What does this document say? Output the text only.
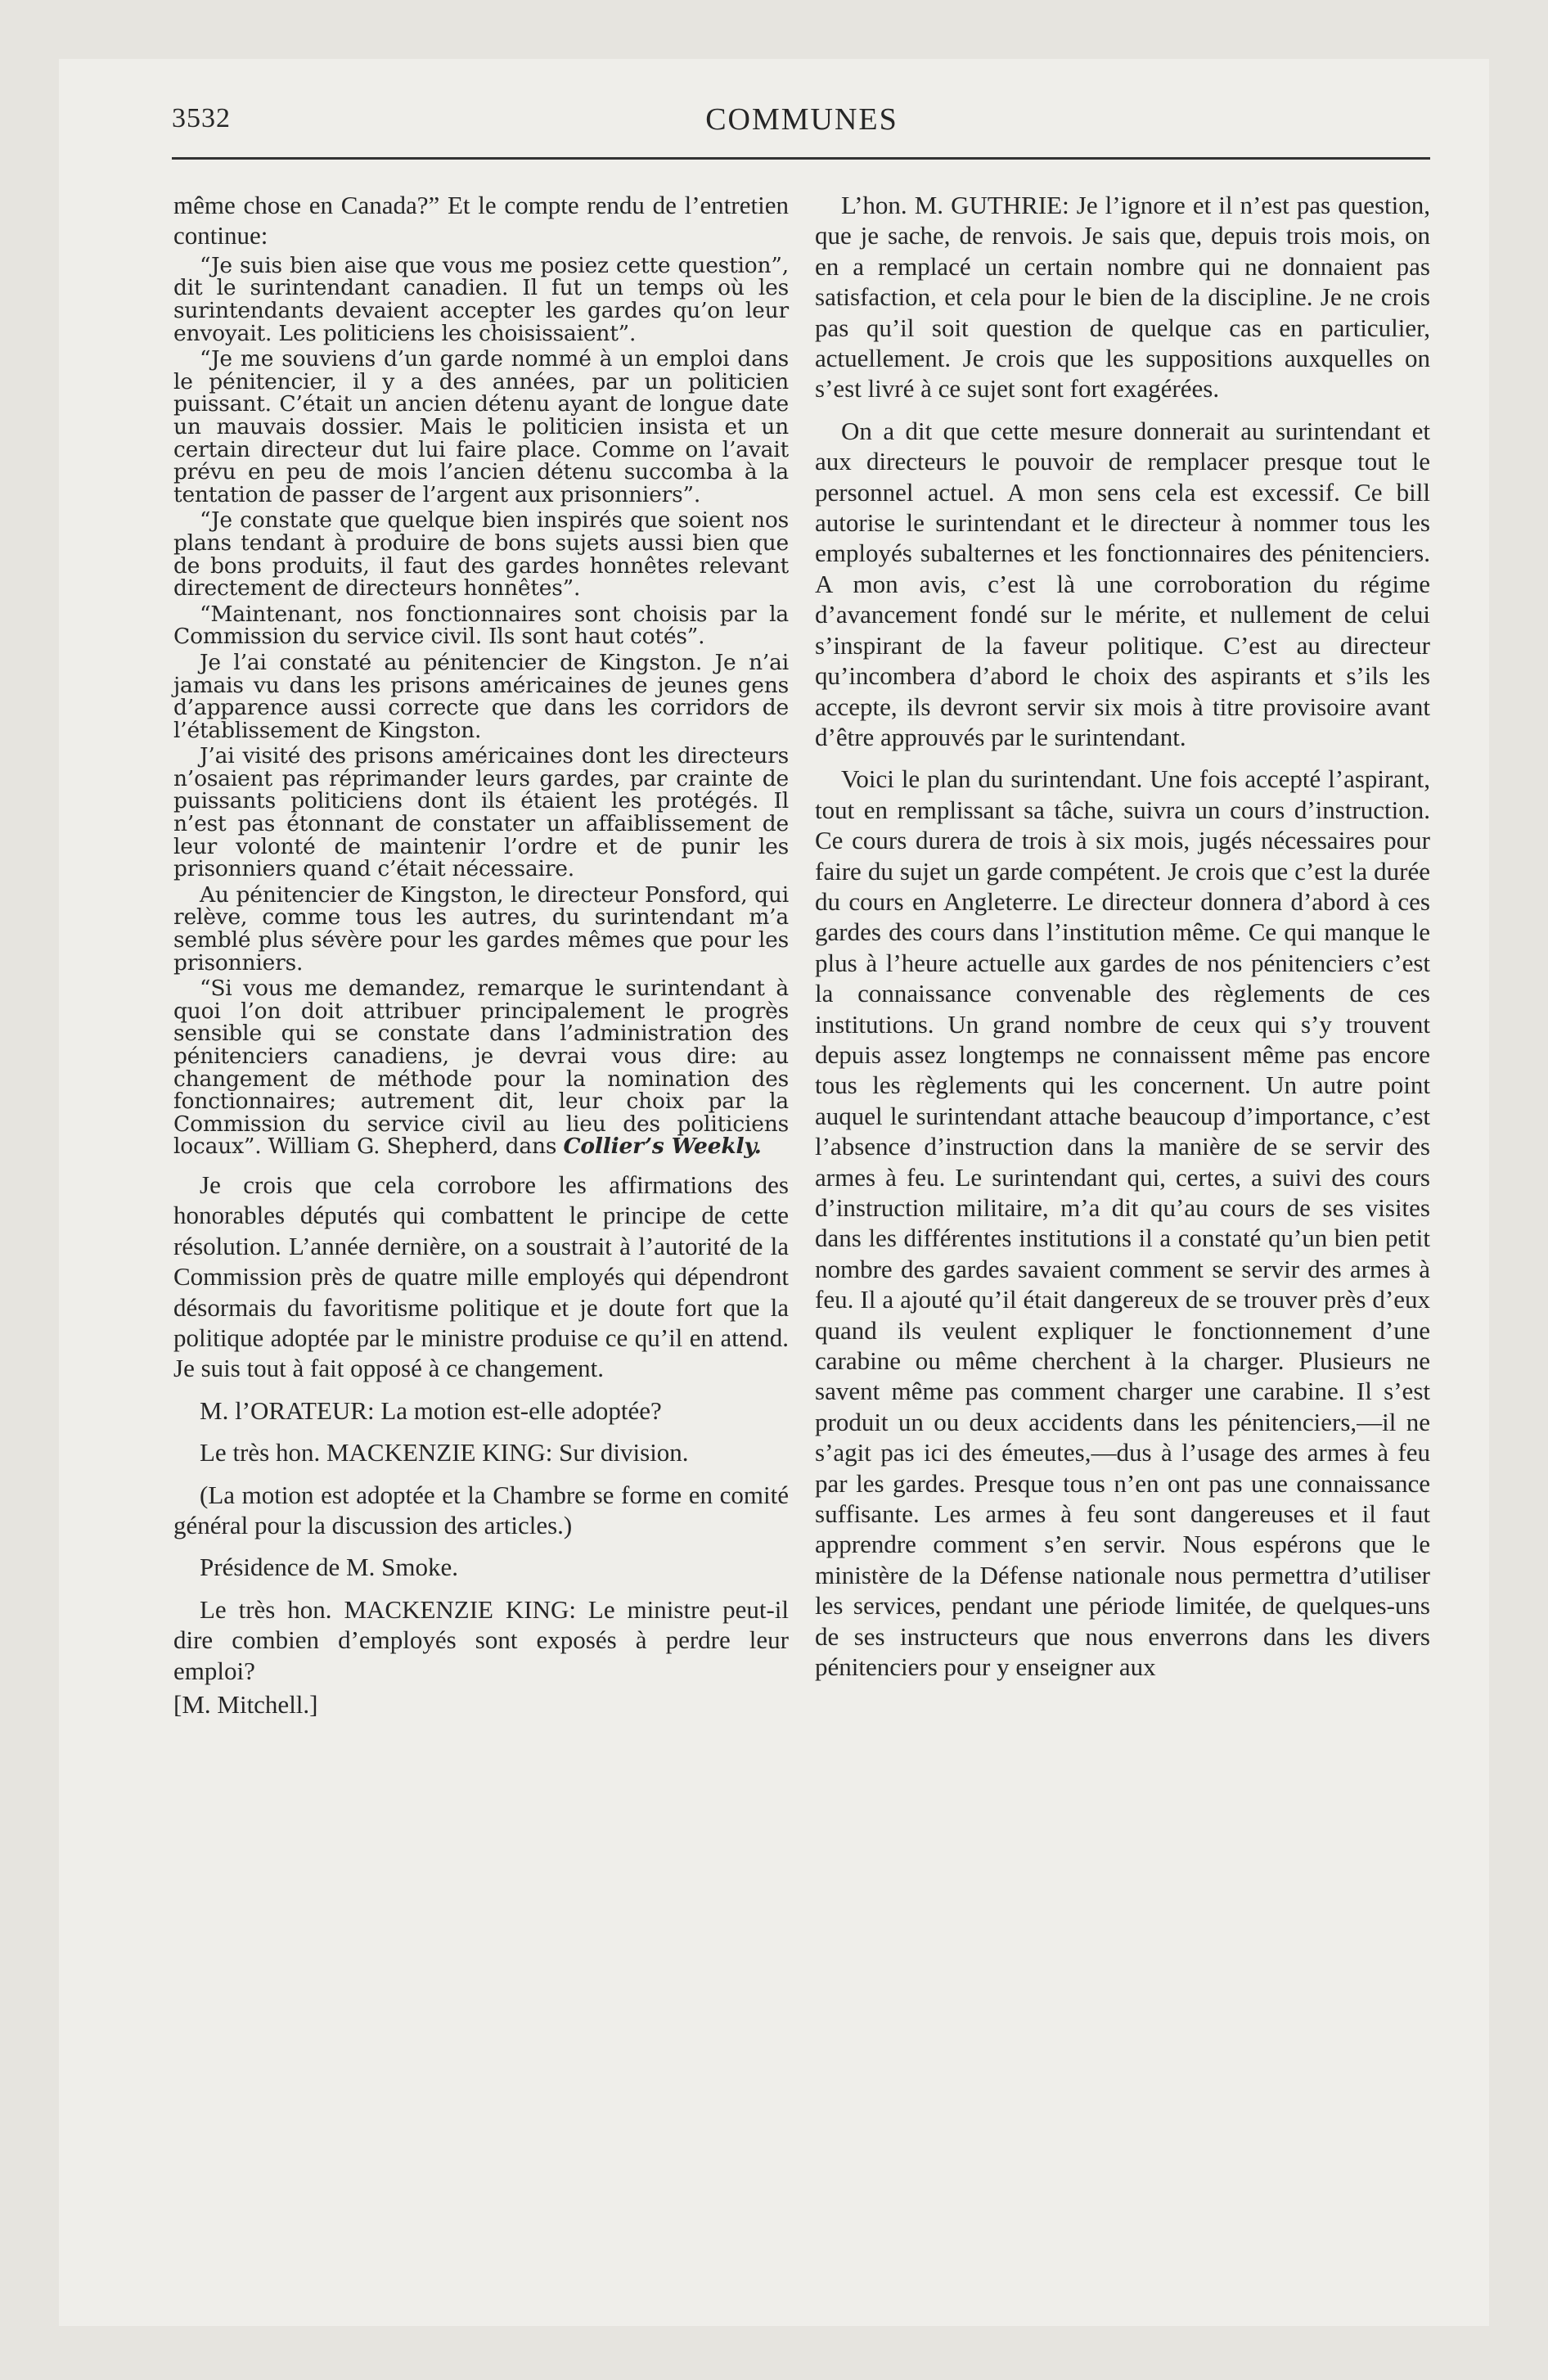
3532	COMMUNES

même chose en Canada?” Et le compte rendu de l’entretien continue:

“Je suis bien aise que vous me posiez cette question”, dit le surintendant canadien. Il fut un temps où les surintendants devaient accepter les gardes qu’on leur envoyait. Les politiciens les choisissaient”.

“Je me souviens d’un garde nommé à un emploi dans le pénitencier, il y a des années, par un politicien puissant. C’était un ancien détenu ayant de longue date un mauvais dossier. Mais le politicien insista et un certain directeur dut lui faire place. Comme on l’avait prévu en peu de mois l’ancien détenu succomba à la tentation de passer de l’argent aux prisonniers”.

“Je constate que quelque bien inspirés que soient nos plans tendant à produire de bons sujets aussi bien que de bons produits, il faut des gardes honnêtes relevant directement de directeurs honnêtes”.

“Maintenant, nos fonctionnaires sont choisis par la Commission du service civil. Ils sont haut cotés”.

Je l’ai constaté au pénitencier de Kingston. Je n’ai jamais vu dans les prisons américaines de jeunes gens d’apparence aussi correcte que dans les corridors de l’établissement de Kingston.

J’ai visité des prisons américaines dont les directeurs n’osaient pas réprimander leurs gardes, par crainte de puissants politiciens dont ils étaient les protégés. Il n’est pas étonnant de constater un affaiblissement de leur volonté de maintenir l’ordre et de punir les prisonniers quand c’était nécessaire.

Au pénitencier de Kingston, le directeur Ponsford, qui relève, comme tous les autres, du surintendant m’a semblé plus sévère pour les gardes mêmes que pour les prisonniers.

“Si vous me demandez, remarque le surintendant à quoi l’on doit attribuer principalement le progrès sensible qui se constate dans l’administration des pénitenciers canadiens, je devrai vous dire: au changement de méthode pour la nomination des fonctionnaires; autrement dit, leur choix par la Commission du service civil au lieu des politiciens locaux”. William G. Shepherd, dans Collier’s Weekly.

Je crois que cela corrobore les affirmations des honorables députés qui combattent le principe de cette résolution. L’année dernière, on a soustrait à l’autorité de la Commission près de quatre mille employés qui dépendront désormais du favoritisme politique et je doute fort que la politique adoptée par le ministre produise ce qu’il en attend. Je suis tout à fait opposé à ce changement.

M. l’ORATEUR: La motion est-elle adoptée?

Le très hon. MACKENZIE KING: Sur division.

(La motion est adoptée et la Chambre se forme en comité général pour la discussion des articles.)

Présidence de M. Smoke.

Le très hon. MACKENZIE KING: Le ministre peut-il dire combien d’employés sont exposés à perdre leur emploi?

[M. Mitchell.]

L’hon. M. GUTHRIE: Je l’ignore et il n’est pas question, que je sache, de renvois. Je sais que, depuis trois mois, on en a remplacé un certain nombre qui ne donnaient pas satisfaction, et cela pour le bien de la discipline. Je ne crois pas qu’il soit question de quelque cas en particulier, actuellement. Je crois que les suppositions auxquelles on s’est livré à ce sujet sont fort exagérées.

On a dit que cette mesure donnerait au surintendant et aux directeurs le pouvoir de remplacer presque tout le personnel actuel. A mon sens cela est excessif. Ce bill autorise le surintendant et le directeur à nommer tous les employés subalternes et les fonctionnaires des pénitenciers. A mon avis, c’est là une corroboration du régime d’avancement fondé sur le mérite, et nullement de celui s’inspirant de la faveur politique. C’est au directeur qu’incombera d’abord le choix des aspirants et s’ils les accepte, ils devront servir six mois à titre provisoire avant d’être approuvés par le surintendant.

Voici le plan du surintendant. Une fois accepté l’aspirant, tout en remplissant sa tâche, suivra un cours d’instruction. Ce cours durera de trois à six mois, jugés nécessaires pour faire du sujet un garde compétent. Je crois que c’est la durée du cours en Angleterre. Le directeur donnera d’abord à ces gardes des cours dans l’institution même. Ce qui manque le plus à l’heure actuelle aux gardes de nos pénitenciers c’est la connaissance convenable des règlements de ces institutions. Un grand nombre de ceux qui s’y trouvent depuis assez longtemps ne connaissent même pas encore tous les règlements qui les concernent. Un autre point auquel le surintendant attache beaucoup d’importance, c’est l’absence d’instruction dans la manière de se servir des armes à feu. Le surintendant qui, certes, a suivi des cours d’instruction militaire, m’a dit qu’au cours de ses visites dans les différentes institutions il a constaté qu’un bien petit nombre des gardes savaient comment se servir des armes à feu. Il a ajouté qu’il était dangereux de se trouver près d’eux quand ils veulent expliquer le fonctionnement d’une carabine ou même cherchent à la charger. Plusieurs ne savent même pas comment charger une carabine. Il s’est produit un ou deux accidents dans les pénitenciers,—il ne s’agit pas ici des émeutes,—dus à l’usage des armes à feu par les gardes. Presque tous n’en ont pas une connaissance suffisante. Les armes à feu sont dangereuses et il faut apprendre comment s’en servir. Nous espérons que le ministère de la Défense nationale nous permettra d’utiliser les services, pendant une période limitée, de quelques-uns de ses instructeurs que nous enverrons dans les divers pénitenciers pour y enseigner aux
